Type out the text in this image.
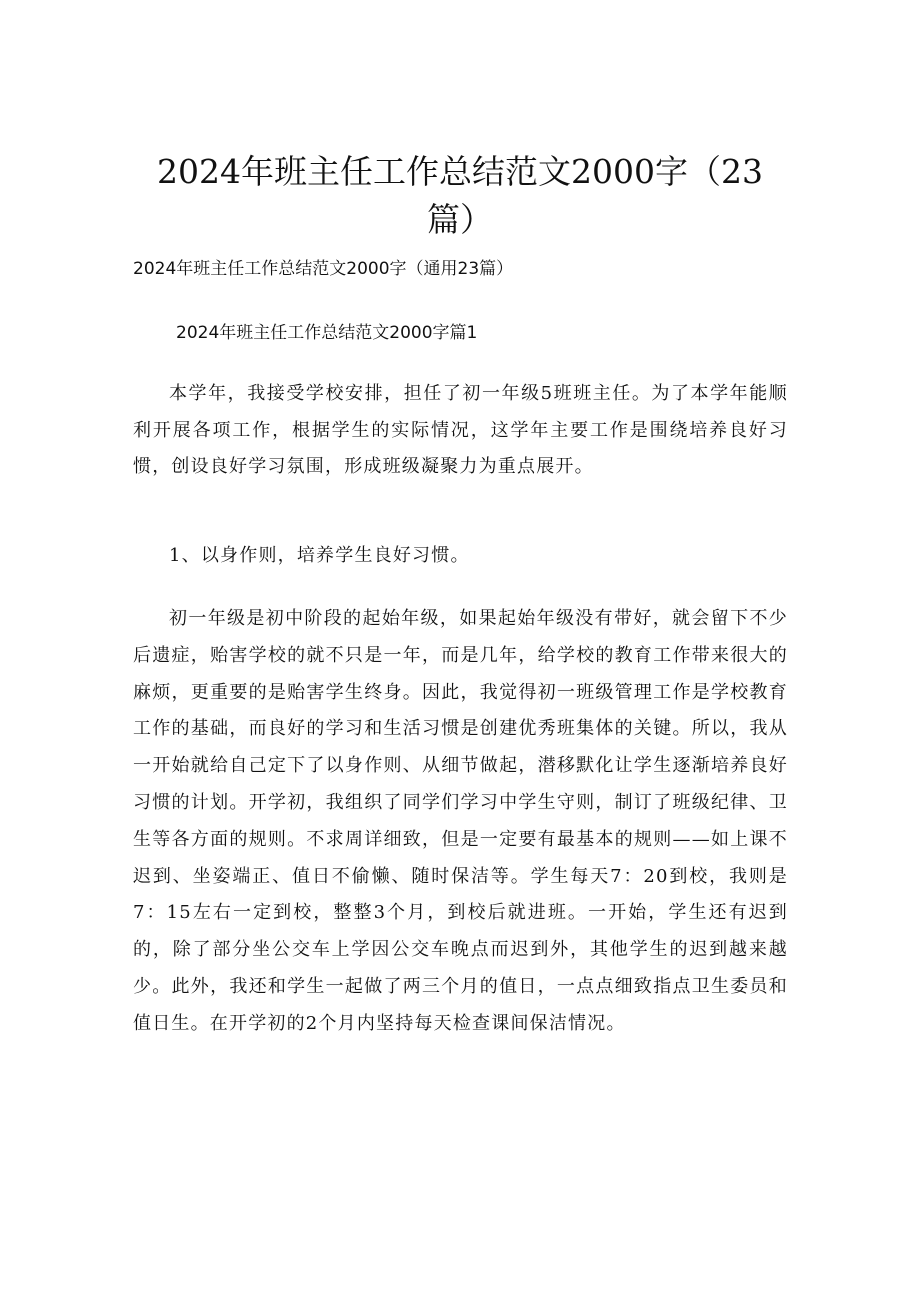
2024年班主任工作总结范文2000字（23篇）

2024年班主任工作总结范文2000字（通用23篇）

2024年班主任工作总结范文2000字篇1

本学年，我接受学校安排，担任了初一年级5班班主任。为了本学年能顺利开展各项工作，根据学生的实际情况，这学年主要工作是围绕培养良好习惯，创设良好学习氛围，形成班级凝聚力为重点展开。

1、以身作则，培养学生良好习惯。

初一年级是初中阶段的起始年级，如果起始年级没有带好，就会留下不少后遗症，贻害学校的就不只是一年，而是几年，给学校的教育工作带来很大的麻烦，更重要的是贻害学生终身。因此，我觉得初一班级管理工作是学校教育工作的基础，而良好的学习和生活习惯是创建优秀班集体的关键。所以，我从一开始就给自己定下了以身作则、从细节做起，潜移默化让学生逐渐培养良好习惯的计划。开学初，我组织了同学们学习中学生守则，制订了班级纪律、卫生等各方面的规则。不求周详细致，但是一定要有最基本的规则——如上课不迟到、坐姿端正、值日不偷懒、随时保洁等。学生每天7：20到校，我则是7：15左右一定到校，整整3个月，到校后就进班。一开始，学生还有迟到的，除了部分坐公交车上学因公交车晚点而迟到外，其他学生的迟到越来越少。此外，我还和学生一起做了两三个月的值日，一点点细致指点卫生委员和值日生。在开学初的2个月内坚持每天检查课间保洁情况。
